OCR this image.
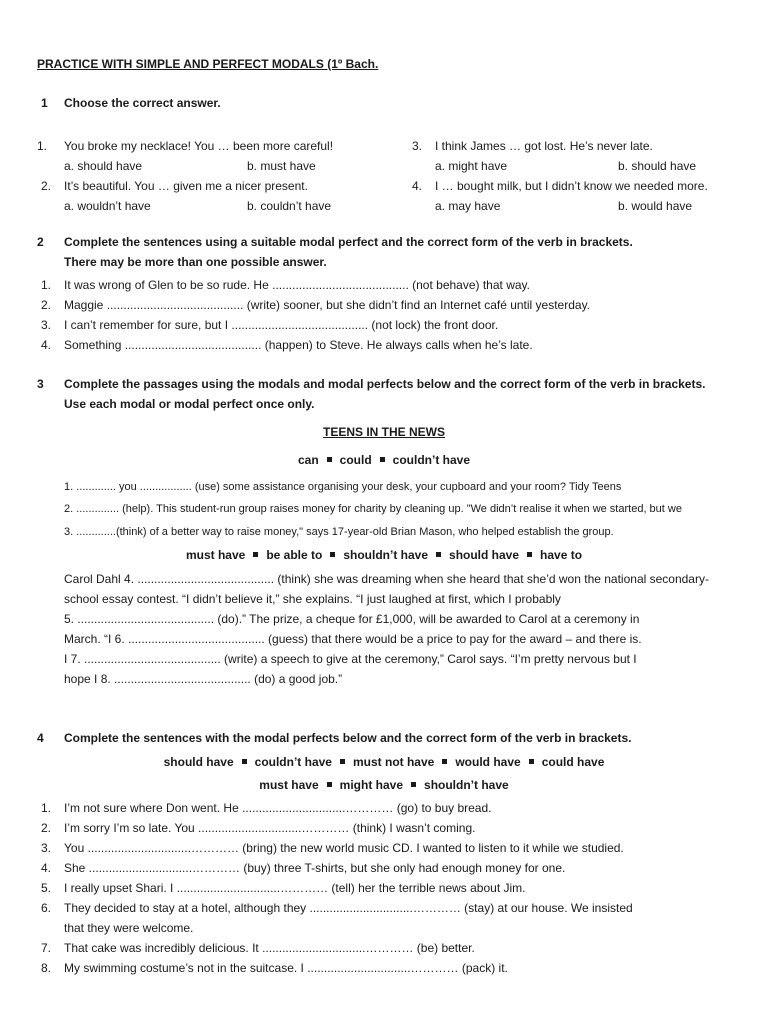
PRACTICE WITH SIMPLE AND PERFECT MODALS (1º Bach.
1 Choose the correct answer.
1. You broke my necklace! You … been more careful!
a. should have	b. must have
2. It’s beautiful. You … given me a nicer present.
a. wouldn’t have	b. couldn’t have
3. I think James … got lost. He’s never late.
a. might have	b. should have
4. I … bought milk, but I didn’t know we needed more.
a. may have	b. would have
2 Complete the sentences using a suitable modal perfect and the correct form of the verb in brackets.
There may be more than one possible answer.
1. It was wrong of Glen to be so rude. He ......................................... (not behave) that way.
2. Maggie ......................................... (write) sooner, but she didn’t find an Internet café until yesterday.
3. I can’t remember for sure, but I ......................................... (not lock) the front door.
4. Something ......................................... (happen) to Steve. He always calls when he’s late.
3 Complete the passages using the modals and modal perfects below and the correct form of the verb in brackets.
Use each modal or modal perfect once only.
TEENS IN THE NEWS
can could couldn’t have
1. ............. you ................. (use) some assistance organising your desk, your cupboard and your room? Tidy Teens
2. .............. (help). This student-run group raises money for charity by cleaning up. "We didn’t realise it when we started, but we
3. .............(think) of a better way to raise money," says 17-year-old Brian Mason, who helped establish the group.
must have be able to shouldn’t have should have have to
Carol Dahl 4. ......................................... (think) she was dreaming when she heard that she’d won the national secondary-
school essay contest. “I didn’t believe it,” she explains. “I just laughed at first, which I probably
5. ......................................... (do).” The prize, a cheque for £1,000, will be awarded to Carol at a ceremony in
March. “I 6. ......................................... (guess) that there would be a price to pay for the award – and there is.
I 7. ......................................... (write) a speech to give at the ceremony,” Carol says. “I’m pretty nervous but I
hope I 8. ......................................... (do) a good job.”
4 Complete the sentences with the modal perfects below and the correct form of the verb in brackets.
should have couldn’t have must not have would have could have
must have might have shouldn’t have
1. I’m not sure where Don went. He ...............................………… (go) to buy bread.
2. I’m sorry I’m so late. You ...............................………… (think) I wasn’t coming.
3. You ...............................………… (bring) the new world music CD. I wanted to listen to it while we studied.
4. She ...............................………… (buy) three T-shirts, but she only had enough money for one.
5. I really upset Shari. I ...............................………… (tell) her the terrible news about Jim.
6. They decided to stay at a hotel, although they ...............................………… (stay) at our house. We insisted
that they were welcome.
7. That cake was incredibly delicious. It ...............................………… (be) better.
8. My swimming costume’s not in the suitcase. I ...............................………… (pack) it.
